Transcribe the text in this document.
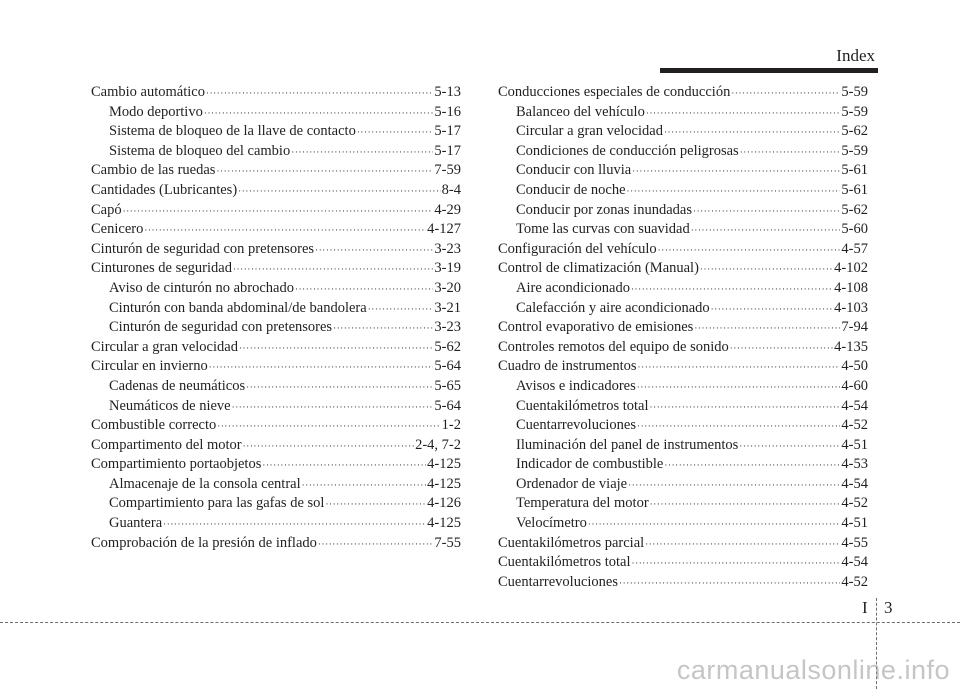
Index
Cambio automático ·····	5-13
Modo deportivo ·····	5-16
Sistema de bloqueo de la llave de contacto ·····	5-17
Sistema de bloqueo del cambio ·····	5-17
Cambio de las ruedas ·····	7-59
Cantidades (Lubricantes) ·····	8-4
Capó ·····	4-29
Cenicero ·····	4-127
Cinturón de seguridad con pretensores ·····	3-23
Cinturones de seguridad ·····	3-19
Aviso de cinturón no abrochado ·····	3-20
Cinturón con banda abdominal/de bandolera ·····	3-21
Cinturón de seguridad con pretensores ·····	3-23
Circular a gran velocidad ·····	5-62
Circular en invierno ·····	5-64
Cadenas de neumáticos ·····	5-65
Neumáticos de nieve ·····	5-64
Combustible correcto ·····	1-2
Compartimento del motor ·····	2-4, 7-2
Compartimiento portaobjetos ·····	4-125
Almacenaje de la consola central ·····	4-125
Compartimiento para las gafas de sol ·····	4-126
Guantera ·····	4-125
Comprobación de la presión de inflado ·····	7-55
Conducciones especiales de conducción ·····	5-59
Balanceo del vehículo ·····	5-59
Circular a gran velocidad ·····	5-62
Condiciones de conducción peligrosas ·····	5-59
Conducir con lluvia ·····	5-61
Conducir de noche ·····	5-61
Conducir por zonas inundadas ·····	5-62
Tome las curvas con suavidad ·····	5-60
Configuración del vehículo ·····	4-57
Control de climatización (Manual) ·····	4-102
Aire acondicionado ·····	4-108
Calefacción y aire acondicionado ·····	4-103
Control evaporativo de emisiones ·····	7-94
Controles remotos del equipo de sonido ·····	4-135
Cuadro de instrumentos ·····	4-50
Avisos e indicadores ·····	4-60
Cuentakilómetros total ·····	4-54
Cuentarrevoluciones ·····	4-52
Iluminación del panel de instrumentos ·····	4-51
Indicador de combustible ·····	4-53
Ordenador de viaje ·····	4-54
Temperatura del motor ·····	4-52
Velocímetro ·····	4-51
Cuentakilómetros parcial ·····	4-55
Cuentakilómetros total ·····	4-54
Cuentarrevoluciones ·····	4-52
I 3
carmanualsonline.info
